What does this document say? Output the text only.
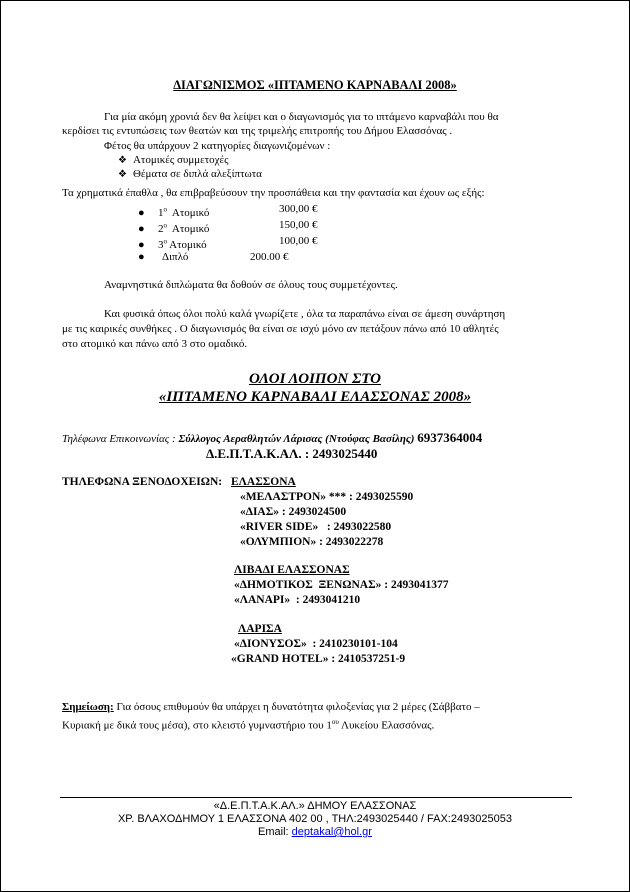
ΔΙΑΓΩΝΙΣΜΟΣ «ΙΠΤΑΜΕΝΟ ΚΑΡΝΑΒΑΛΙ 2008»
Για μία ακόμη χρονιά δεν θα λείψει και ο διαγωνισμός για το ιπτάμενο καρναβάλι που θα
κερδίσει τις εντυπώσεις των θεατών και της τριμελής επιτροπής του Δήμου Ελασσόνας .
Φέτος θα υπάρχουν 2 κατηγορίες διαγωνιζομένων :
❖ Ατομικές συμμετοχές
❖ Θέματα σε διπλά αλεξίπτωτα
Τα χρηματικά έπαθλα , θα επιβραβεύσουν την προσπάθεια και την φαντασία και έχουν ως εξής:
● $1^o$  Ατομικό	300,00 €
● $2^o$  Ατομικό	150,00 €
● $3^o$ Ατομικό	100,00 €
● Διπλό	200.00 €
Αναμνηστικά διπλώματα θα δοθούν σε όλους τους συμμετέχοντες.
Και φυσικά όπως όλοι πολύ καλά γνωρίζετε , όλα τα παραπάνω είναι σε άμεση συνάρτηση
με τις καιρικές συνθήκες . Ο διαγωνισμός θα είναι σε ισχύ μόνο αν πετάξουν πάνω από 10 αθλητές
στο ατομικό και πάνω από 3 στο ομαδικό.
ΟΛΟΙ ΛΟΙΠΟΝ ΣΤΟ
«ΙΠΤΑΜΕΝΟ ΚΑΡΝΑΒΑΛΙ ΕΛΑΣΣΟΝΑΣ 2008»
Τηλέφωνα Επικοινωνίας : Σύλλογος Αεραθλητών Λάρισας (Ντούφας Βασίλης) 6937364004
Δ.Ε.Π.Τ.Α.Κ.ΑΛ. : 2493025440
ΤΗΛΕΦΩΝΑ ΞΕΝΟΔΟΧΕΙΩΝ: ΕΛΑΣΣΟΝΑ
«ΜΕΛΑΣΤΡΟΝ» *** : 2493025590
«ΔΙΑΣ» : 2493024500
«RIVER SIDE»   : 2493022580
«ΟΛΥΜΠΙΟΝ» : 2493022278
ΛΙΒΑΔΙ ΕΛΑΣΣΟΝΑΣ
«ΔΗΜΟΤΙΚΟΣ  ΞΕΝΩΝΑΣ» : 2493041377
«ΛΑΝΑΡΙ»  : 2493041210
ΛΑΡΙΣΑ
«ΔΙΟΝΥΣΟΣ»  : 2410230101-104
«GRAND HOTEL» : 2410537251-9
Σημείωση: Για όσους επιθυμούν θα υπάρχει η δυνατότητα φιλοξενίας για 2 μέρες (Σάββατο –
Κυριακή με δικά τους μέσα), στο κλειστό γυμναστήριο του $1^{o\upsilon}$ Λυκείου Ελασσόνας.
«Δ.Ε.Π.Τ.Α.Κ.ΑΛ.» ΔΗΜΟΥ ΕΛΑΣΣΟΝΑΣ
ΧΡ. ΒΛΑΧΟΔΗΜΟΥ 1 ΕΛΑΣΣΟΝΑ 402 00 , ΤΗΛ:2493025440 / FAX:2493025053
Email: deptakal@hol.gr
